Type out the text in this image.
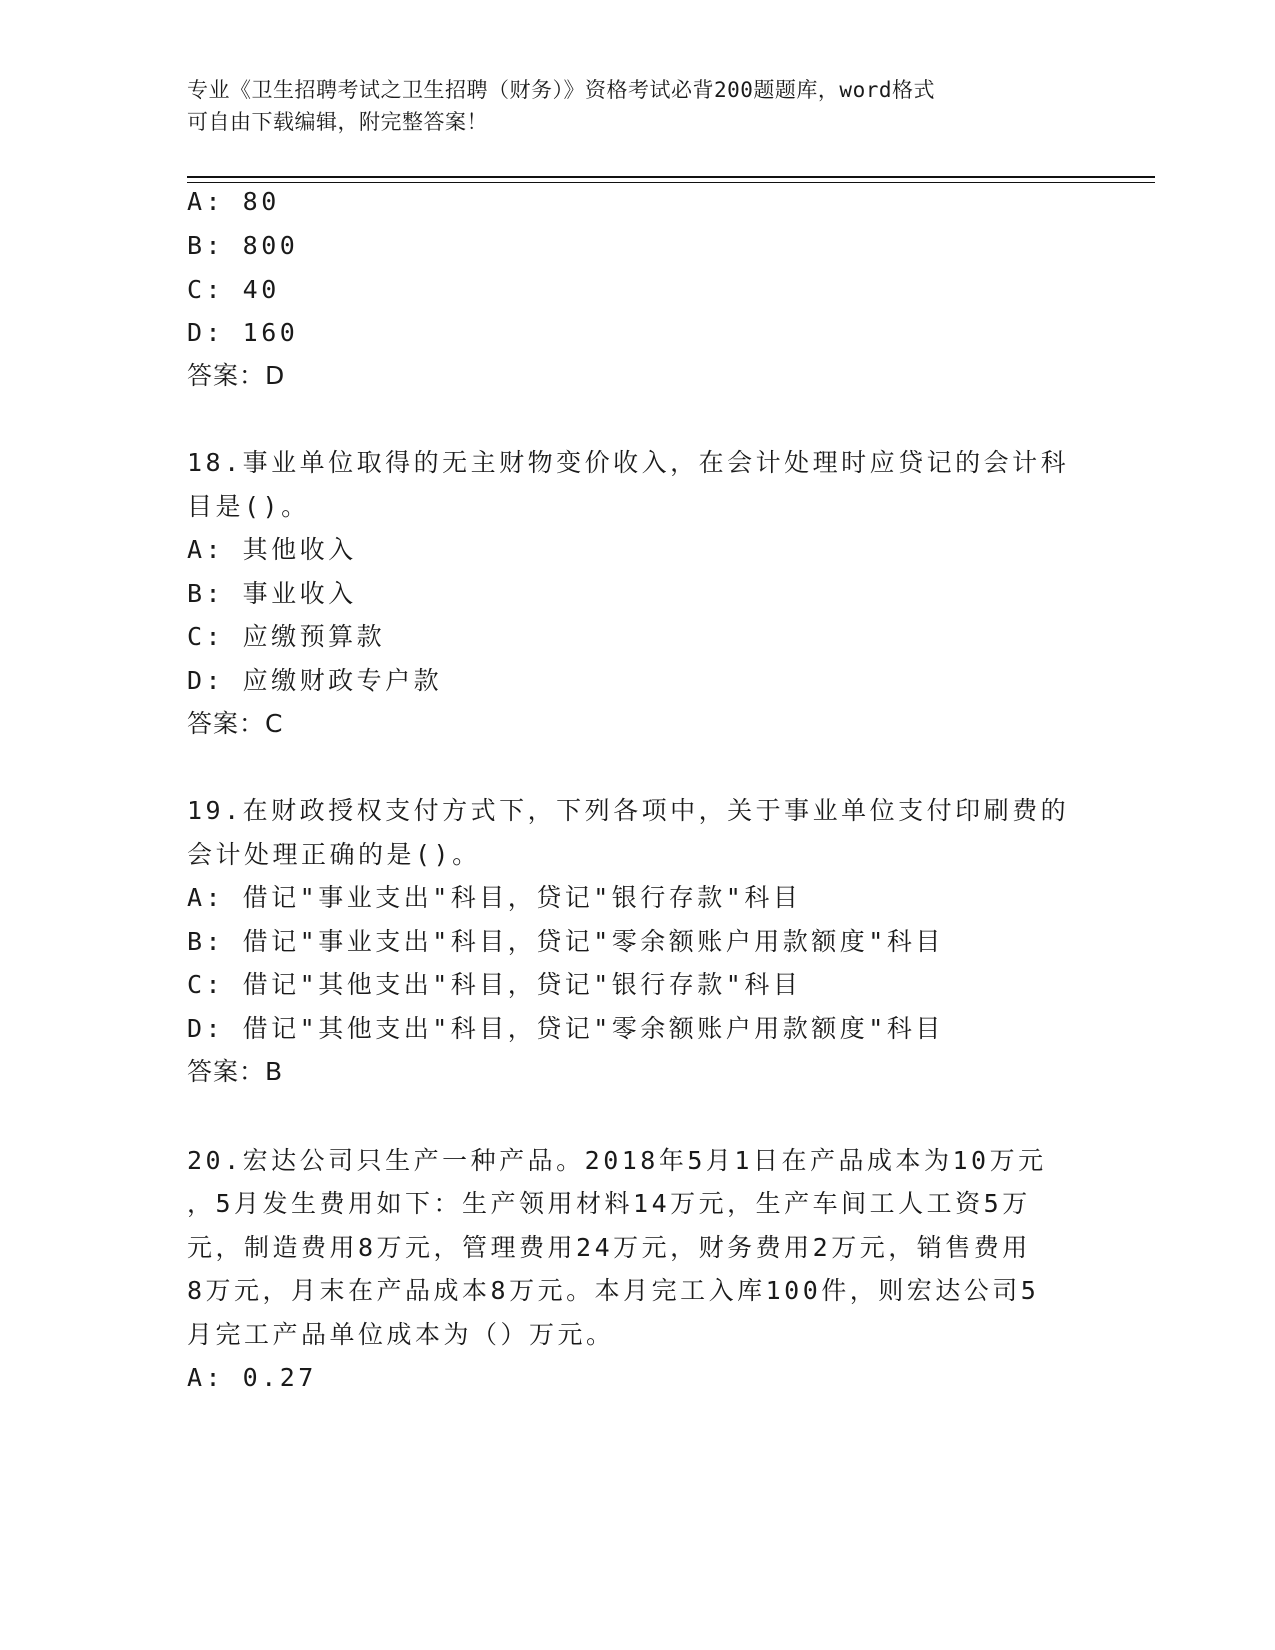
专业《卫生招聘考试之卫生招聘（财务）》资格考试必背200题题库，word格式
可自由下载编辑，附完整答案！
A: 80
B: 800
C: 40
D: 160
答案：D
18.事业单位取得的无主财物变价收入，在会计处理时应贷记的会计科
目是()。
A: 其他收入
B: 事业收入
C: 应缴预算款
D: 应缴财政专户款
答案：C
19.在财政授权支付方式下，下列各项中，关于事业单位支付印刷费的
会计处理正确的是()。
A: 借记"事业支出"科目，贷记"银行存款"科目
B: 借记"事业支出"科目，贷记"零余额账户用款额度"科目
C: 借记"其他支出"科目，贷记"银行存款"科目
D: 借记"其他支出"科目，贷记"零余额账户用款额度"科目
答案：B
20.宏达公司只生产一种产品。2018年5月1日在产品成本为10万元
，5月发生费用如下：生产领用材料14万元，生产车间工人工资5万
元，制造费用8万元，管理费用24万元，财务费用2万元，销售费用
8万元，月末在产品成本8万元。本月完工入库100件，则宏达公司5
月完工产品单位成本为（）万元。
A: 0.27
